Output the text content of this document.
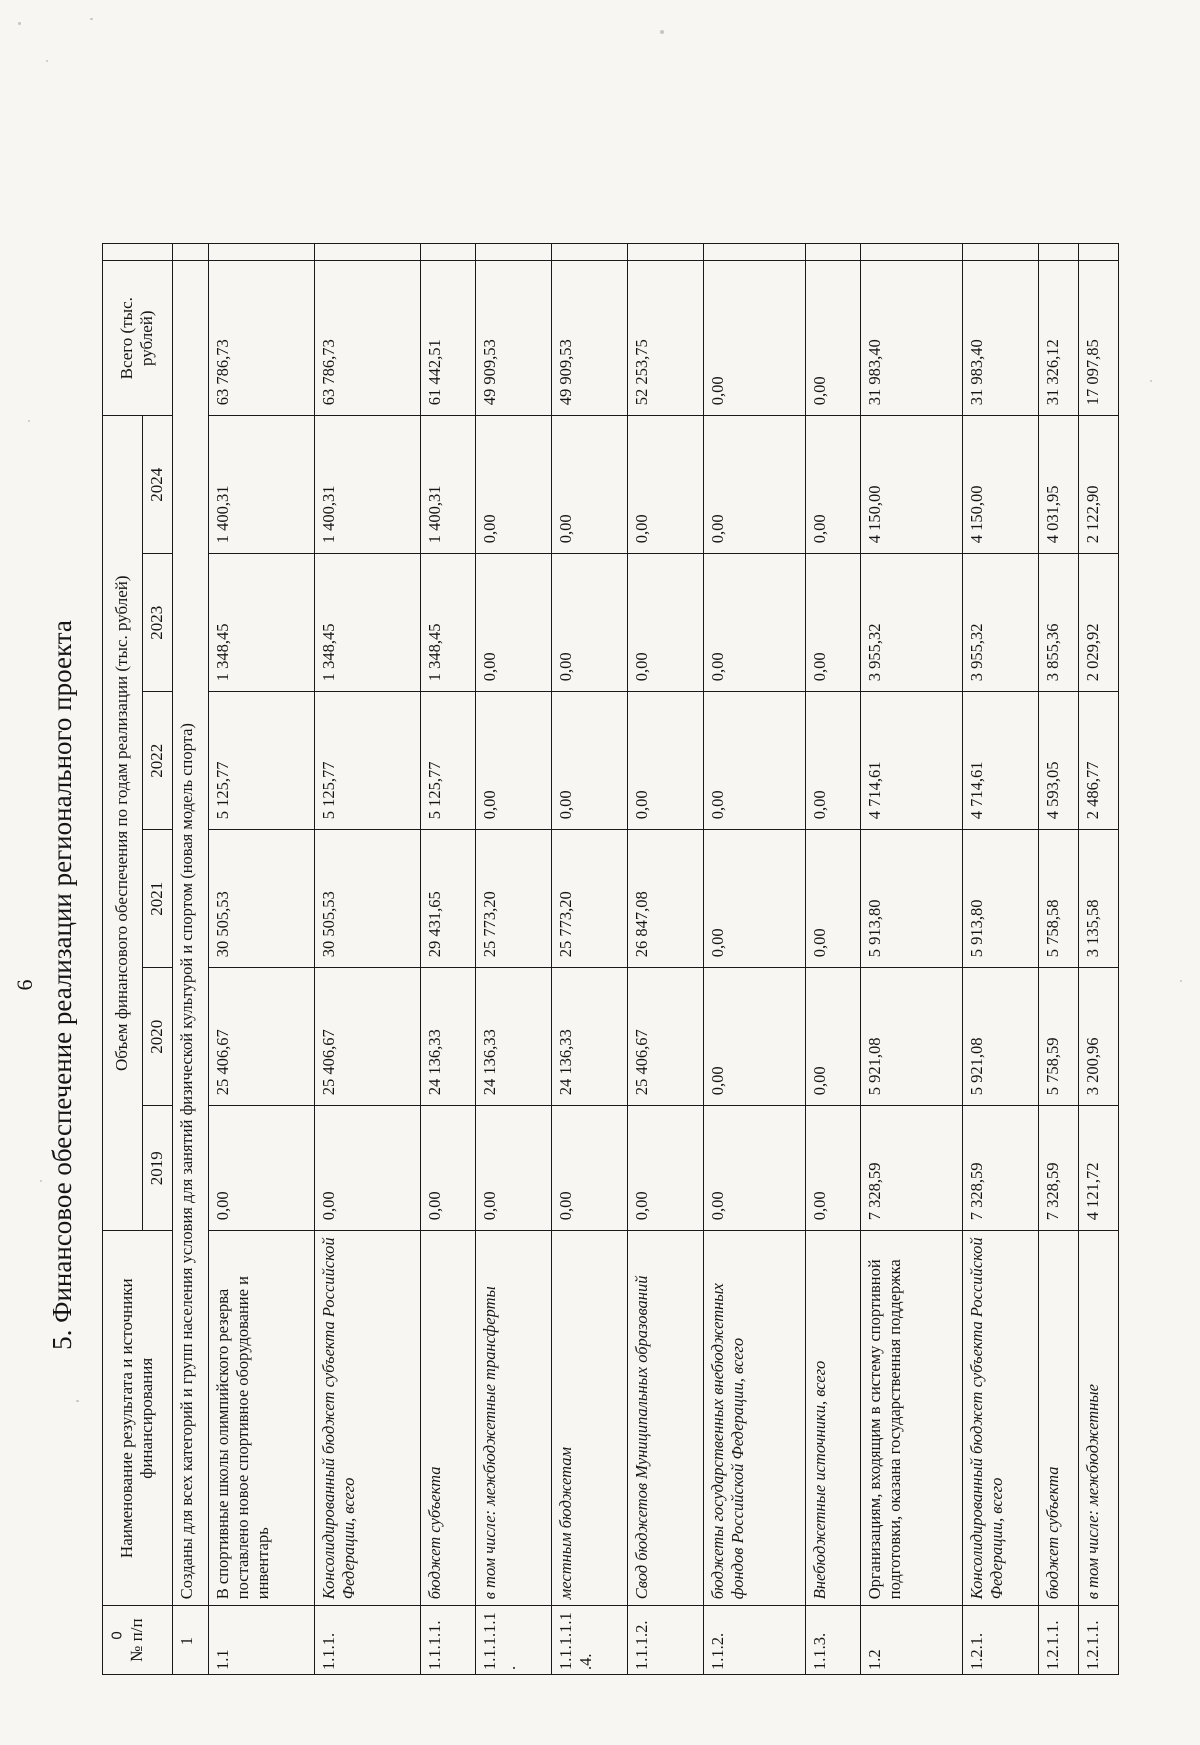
0
6 5. Финансовое обеспечение реализации регионального проекта
№ п/п	Наименование результата и источники финансирования	Объем финансового обеспечения по годам реализации (тыс. рублей)						Всего (тыс. рублей)	
		2019	2020	2021	2022	2023	2024		
1	Созданы для всех категорий и групп населения условия для занятий физической культурой и спортом (новая модель спорта)								
1.1	В спортивные школы олимпийского резерва поставлено новое спортивное оборудование и инвентарь	0,00	25 406,67	30 505,53	5 125,77	1 348,45	1 400,31	63 786,73	
1.1.1.	Консолидированный бюджет субъекта Российской Федерации, всего	0,00	25 406,67	30 505,53	5 125,77	1 348,45	1 400,31	63 786,73	
1.1.1.1.	бюджет субъекта	0,00	24 136,33	29 431,65	5 125,77	1 348,45	1 400,31	61 442,51	
1.1.1.1.1 .	в том числе: межбюджетные трансферты	0,00	24 136,33	25 773,20	0,00	0,00	0,00	49 909,53	
1.1.1.1.1 .4.	местным бюджетам	0,00	24 136,33	25 773,20	0,00	0,00	0,00	49 909,53	
1.1.1.2.	Свод бюджетов Муниципальных образований	0,00	25 406,67	26 847,08	0,00	0,00	0,00	52 253,75	
1.1.2.	бюджеты государственных внебюджетных фондов Российской Федерации, всего	0,00	0,00	0,00	0,00	0,00	0,00	0,00	
1.1.3.	Внебюджетные источники, всего	0,00	0,00	0,00	0,00	0,00	0,00	0,00	
1.2	Организациям, входящим в систему спортивной подготовки, оказана государственная поддержка	7 328,59	5 921,08	5 913,80	4 714,61	3 955,32	4 150,00	31 983,40	
1.2.1.	Консолидированный бюджет субъекта Российской Федерации, всего	7 328,59	5 921,08	5 913,80	4 714,61	3 955,32	4 150,00	31 983,40	
1.2.1.1.	бюджет субъекта	7 328,59	5 758,59	5 758,58	4 593,05	3 855,36	4 031,95	31 326,12	
1.2.1.1.	в том числе: межбюджетные	4 121,72	3 200,96	3 135,58	2 486,77	2 029,92	2 122,90	17 097,85	
